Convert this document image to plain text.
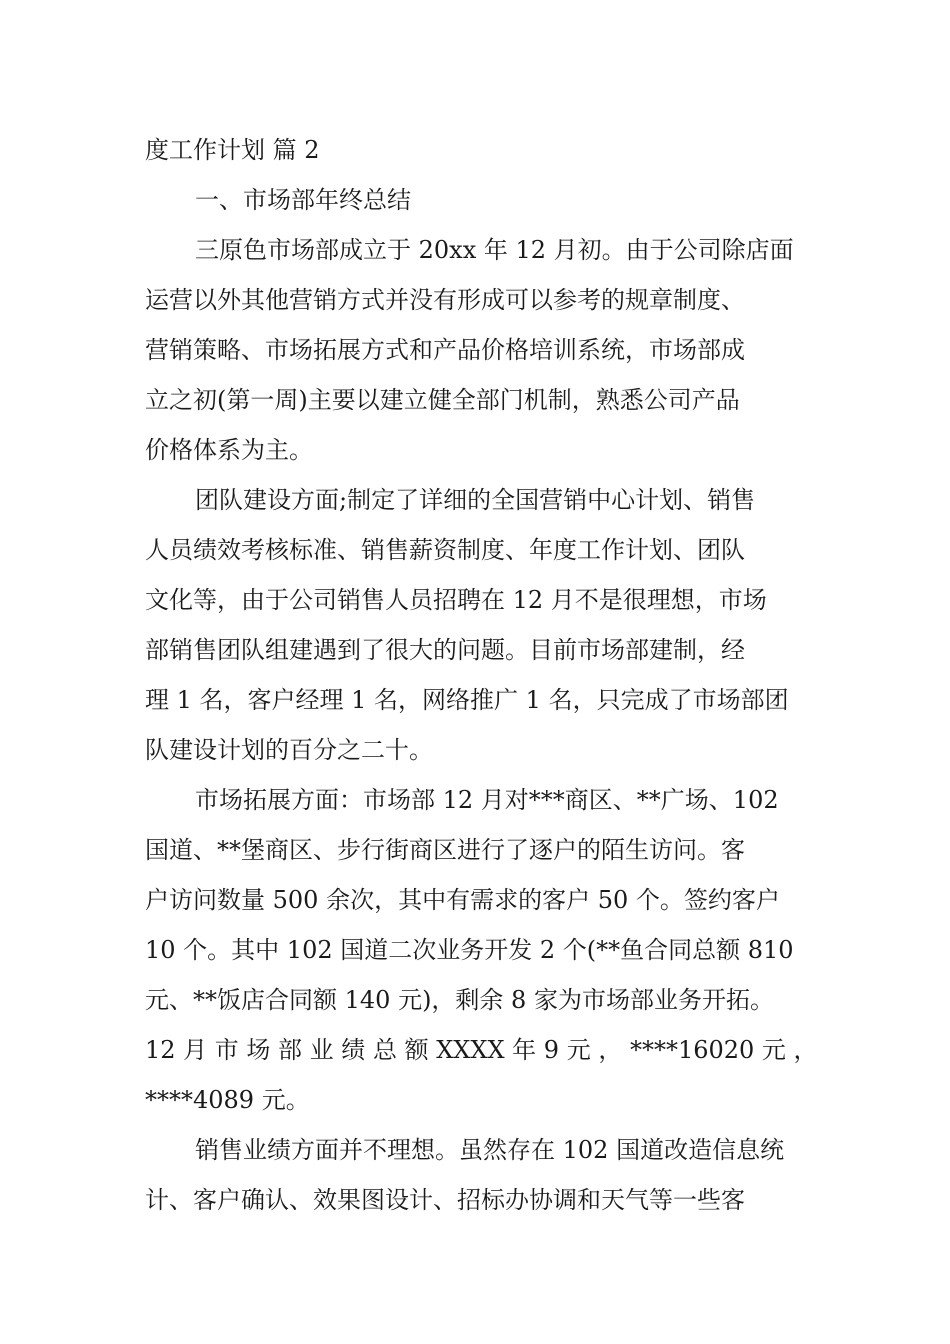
度工作计划 篇 2
一、市场部年终总结
三原色市场部成立于 20xx 年 12 月初。由于公司除店面
运营以外其他营销方式并没有形成可以参考的规章制度、
营销策略、市场拓展方式和产品价格培训系统，市场部成
立之初(第一周)主要以建立健全部门机制，熟悉公司产品
价格体系为主。
团队建设方面;制定了详细的全国营销中心计划、销售
人员绩效考核标准、销售薪资制度、年度工作计划、团队
文化等，由于公司销售人员招聘在 12 月不是很理想，市场
部销售团队组建遇到了很大的问题。目前市场部建制，经
理 1 名，客户经理 1 名，网络推广 1 名，只完成了市场部团
队建设计划的百分之二十。
市场拓展方面：市场部 12 月对***商区、**广场、102
国道、**堡商区、步行街商区进行了逐户的陌生访问。客
户访问数量 500 余次，其中有需求的客户 50 个。签约客户
10 个。其中 102 国道二次业务开发 2 个(**鱼合同总额 810
元、**饭店合同额 140 元)，剩余 8 家为市场部业务开拓。
12 月 市 场 部 业 绩 总 额 XXXX 年 9 元 ， ****16020 元 ，
****4089 元。
销售业绩方面并不理想。虽然存在 102 国道改造信息统
计、客户确认、效果图设计、招标办协调和天气等一些客
